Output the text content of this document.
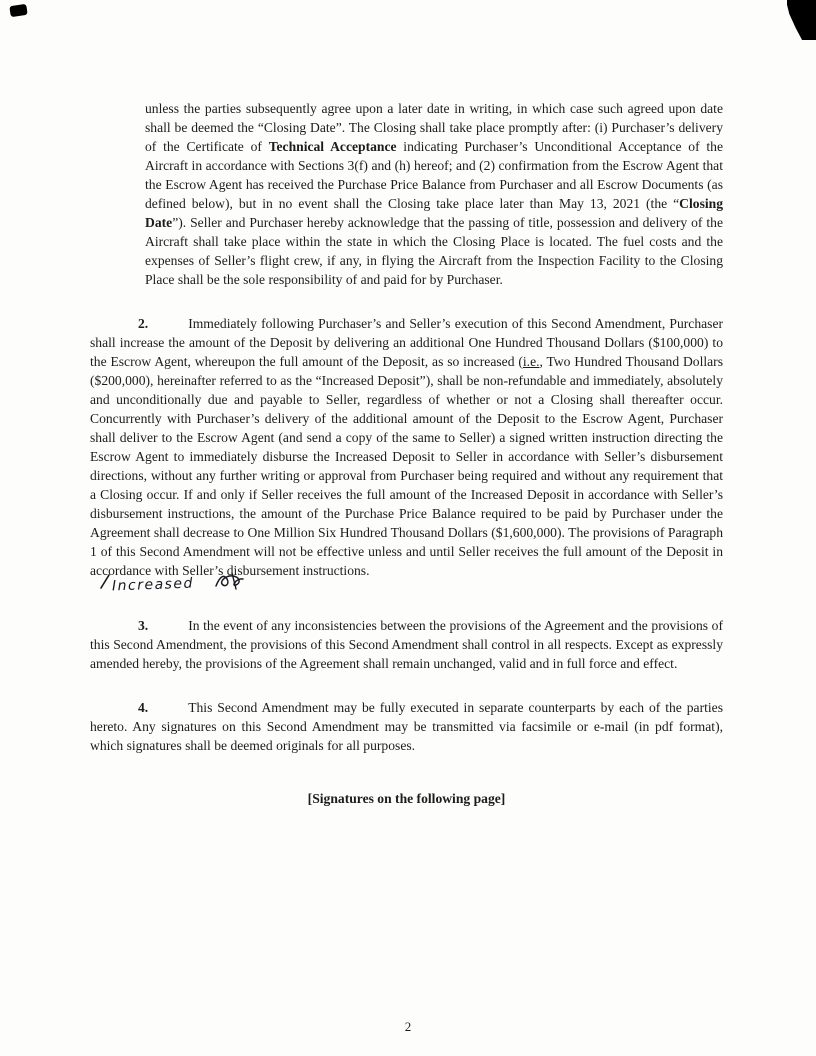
unless the parties subsequently agree upon a later date in writing, in which case such agreed upon date shall be deemed the “Closing Date”. The Closing shall take place promptly after: (i) Purchaser’s delivery of the Certificate of Technical Acceptance indicating Purchaser’s Unconditional Acceptance of the Aircraft in accordance with Sections 3(f) and (h) hereof; and (2) confirmation from the Escrow Agent that the Escrow Agent has received the Purchase Price Balance from Purchaser and all Escrow Documents (as defined below), but in no event shall the Closing take place later than May 13, 2021 (the “Closing Date”). Seller and Purchaser hereby acknowledge that the passing of title, possession and delivery of the Aircraft shall take place within the state in which the Closing Place is located. The fuel costs and the expenses of Seller’s flight crew, if any, in flying the Aircraft from the Inspection Facility to the Closing Place shall be the sole responsibility of and paid for by Purchaser.

2.	Immediately following Purchaser’s and Seller’s execution of this Second Amendment, Purchaser shall increase the amount of the Deposit by delivering an additional One Hundred Thousand Dollars ($100,000) to the Escrow Agent, whereupon the full amount of the Deposit, as so increased (i.e., Two Hundred Thousand Dollars ($200,000), hereinafter referred to as the “Increased Deposit”), shall be non-refundable and immediately, absolutely and unconditionally due and payable to Seller, regardless of whether or not a Closing shall thereafter occur. Concurrently with Purchaser’s delivery of the additional amount of the Deposit to the Escrow Agent, Purchaser shall deliver to the Escrow Agent (and send a copy of the same to Seller) a signed written instruction directing the Escrow Agent to immediately disburse the Increased Deposit to Seller in accordance with Seller’s disbursement directions, without any further writing or approval from Purchaser being required and without any requirement that a Closing occur. If and only if Seller receives the full amount of the Increased Deposit in accordance with Seller’s disbursement instructions, the amount of the Purchase Price Balance required to be paid by Purchaser under the Agreement shall decrease to One Million Six Hundred Thousand Dollars ($1,600,000). The provisions of Paragraph 1 of this Second Amendment will not be effective unless and until Seller receives the full amount of the Deposit in accordance with Seller’s disbursement instructions.

Increased

3.	In the event of any inconsistencies between the provisions of the Agreement and the provisions of this Second Amendment, the provisions of this Second Amendment shall control in all respects. Except as expressly amended hereby, the provisions of the Agreement shall remain unchanged, valid and in full force and effect.

4.	This Second Amendment may be fully executed in separate counterparts by each of the parties hereto. Any signatures on this Second Amendment may be transmitted via facsimile or e-mail (in pdf format), which signatures shall be deemed originals for all purposes.

[Signatures on the following page]

2
